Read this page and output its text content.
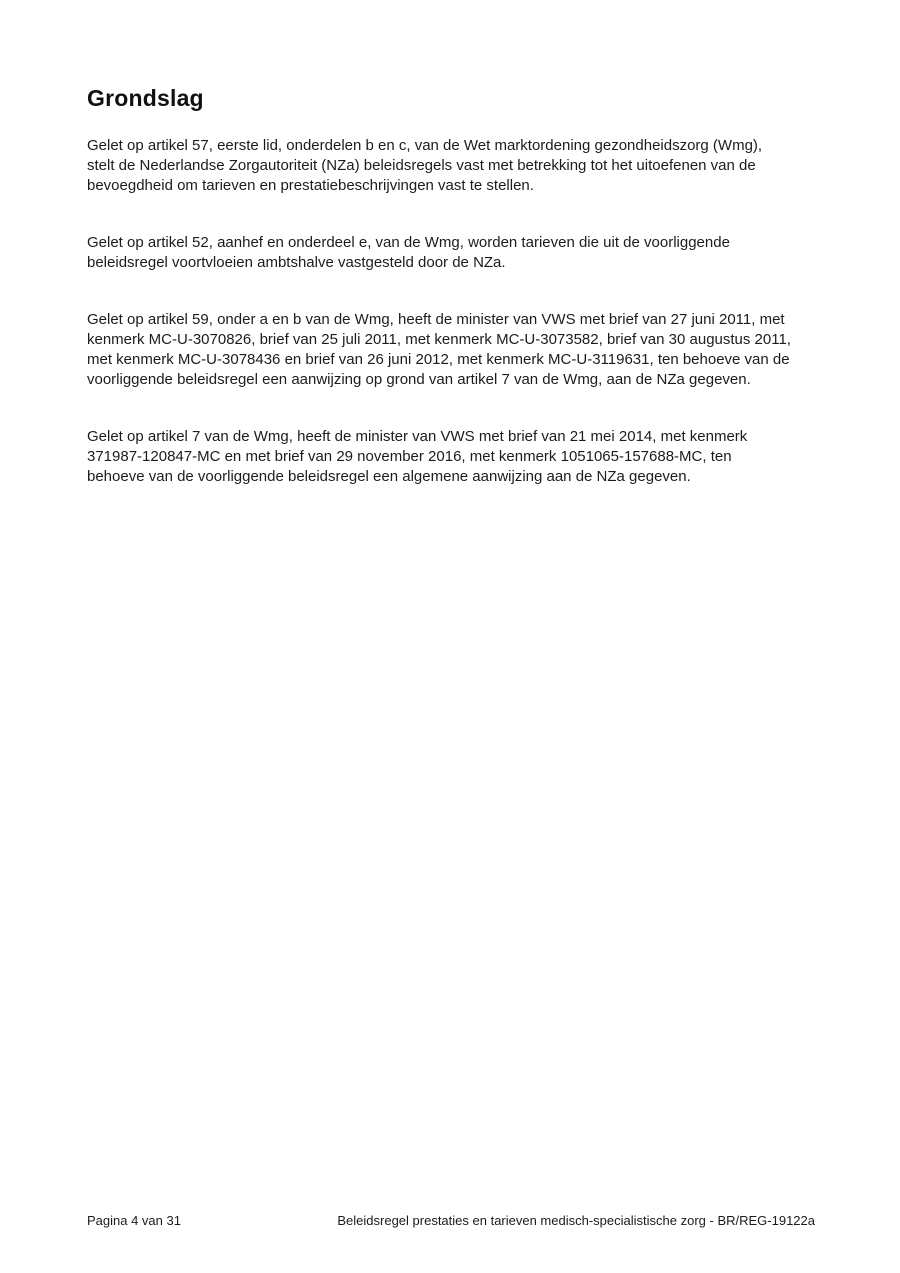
Grondslag
Gelet op artikel 57, eerste lid, onderdelen b en c, van de Wet marktordening gezondheidszorg (Wmg),
stelt de Nederlandse Zorgautoriteit (NZa) beleidsregels vast met betrekking tot het uitoefenen van de
bevoegdheid om tarieven en prestatiebeschrijvingen vast te stellen.
Gelet op artikel 52, aanhef en onderdeel e, van de Wmg, worden tarieven die uit de voorliggende
beleidsregel voortvloeien ambtshalve vastgesteld door de NZa.
Gelet op artikel 59, onder a en b van de Wmg, heeft de minister van VWS met brief van 27 juni 2011, met
kenmerk MC-U-3070826, brief van 25 juli 2011, met kenmerk MC-U-3073582, brief van 30 augustus 2011,
met kenmerk MC-U-3078436 en brief van 26 juni 2012, met kenmerk MC-U-3119631, ten behoeve van de
voorliggende beleidsregel een aanwijzing op grond van artikel 7 van de Wmg, aan de NZa gegeven.
Gelet op artikel 7 van de Wmg, heeft de minister van VWS met brief van 21 mei 2014, met kenmerk
371987-120847-MC en met brief van 29 november 2016, met kenmerk 1051065-157688-MC, ten
behoeve van de voorliggende beleidsregel een algemene aanwijzing aan de NZa gegeven.
Pagina 4 van 31	Beleidsregel prestaties en tarieven medisch-specialistische zorg - BR/REG-19122a
